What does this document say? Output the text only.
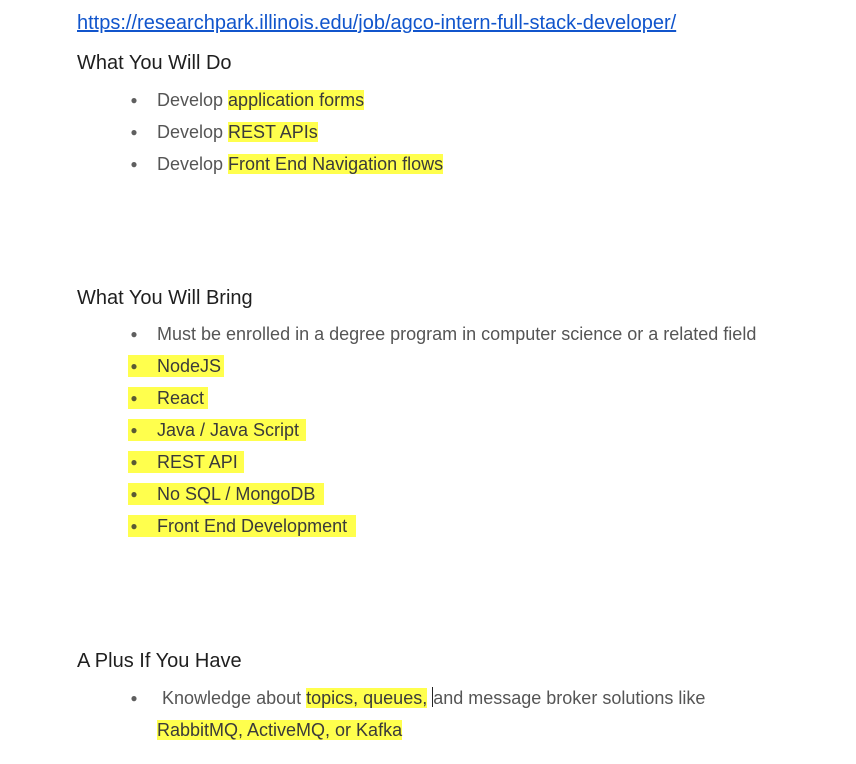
https://researchpark.illinois.edu/job/agco-intern-full-stack-developer/
What You Will Do
● Develop application forms
● Develop REST APIs
● Develop Front End Navigation flows
What You Will Bring
● Must be enrolled in a degree program in computer science or a related field
● NodeJS
● React
● Java / Java Script
● REST API
● No SQL / MongoDB
● Front End Development
A Plus If You Have
● Knowledge about topics, queues, and message broker solutions like
RabbitMQ, ActiveMQ, or Kafka
